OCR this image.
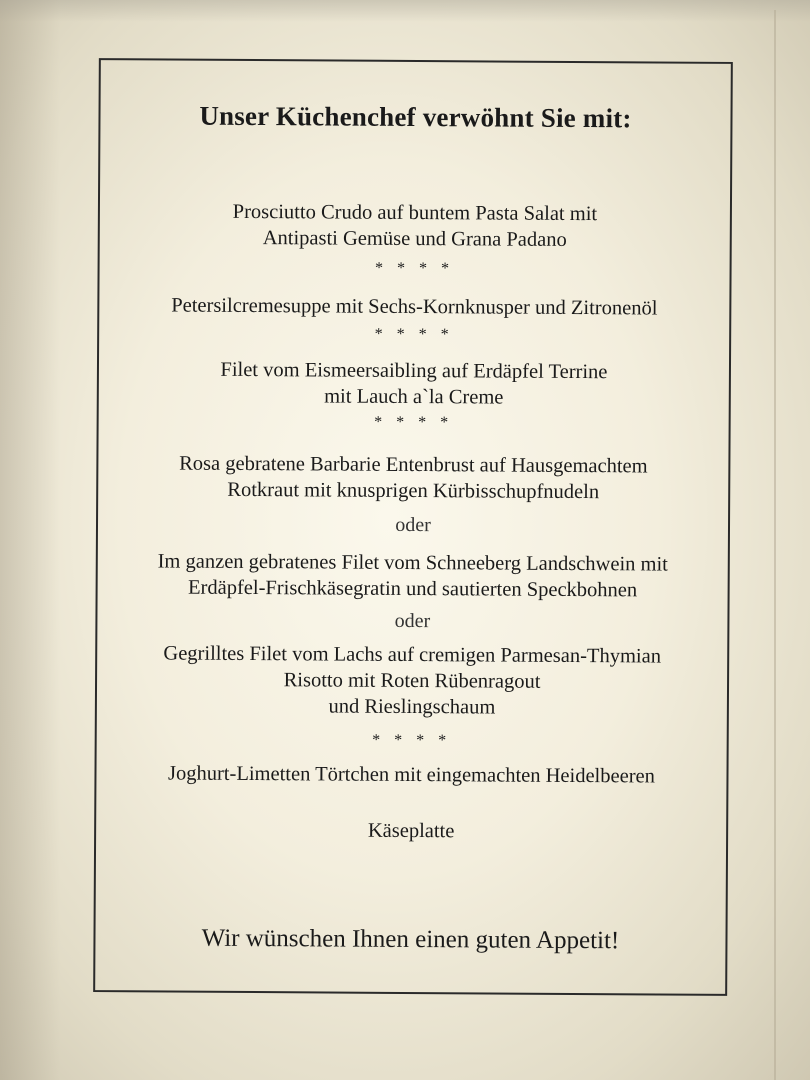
Unser Küchenchef verwöhnt Sie mit:
Prosciutto Crudo auf buntem Pasta Salat mit
Antipasti Gemüse und Grana Padano
* * * *
Petersilcremesuppe mit Sechs-Kornknusper und Zitronenöl
* * * *
Filet vom Eismeersaibling auf Erdäpfel Terrine
mit Lauch a`la Creme
* * * *
Rosa gebratene Barbarie Entenbrust auf Hausgemachtem
Rotkraut mit knusprigen Kürbisschupfnudeln
oder
Im ganzen gebratenes Filet vom Schneeberg Landschwein mit
Erdäpfel-Frischkäsegratin und sautierten Speckbohnen
oder
Gegrilltes Filet vom Lachs auf cremigen Parmesan-Thymian
Risotto mit Roten Rübenragout
und Rieslingschaum
* * * *
Joghurt-Limetten Törtchen mit eingemachten Heidelbeeren
Käseplatte
Wir wünschen Ihnen einen guten Appetit!
